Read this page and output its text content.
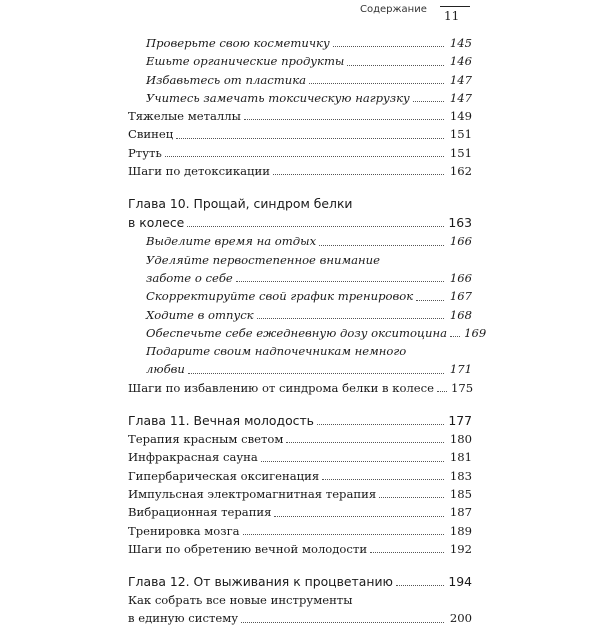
Содержание 11
Проверьте свою косметичку	145
Ешьте органические продукты	146
Избавьтесь от пластика	147
Учитесь замечать токсическую нагрузку	147
Тяжелые металлы	149
Свинец	151
Ртуть	151
Шаги по детоксикации	162
Глава 10. Прощай, синдром белки
в колесе	163
Выделите время на отдых	166
Уделяйте первостепенное внимание
заботе о себе	166
Скорректируйте свой график тренировок	167
Ходите в отпуск	168
Обеспечьте себе ежедневную дозу окситоцина	169
Подарите своим надпочечникам немного
любви	171
Шаги по избавлению от синдрома белки в колесе	175
Глава 11. Вечная молодость	177
Терапия красным светом	180
Инфракрасная сауна	181
Гипербарическая оксигенация	183
Импульсная электромагнитная терапия	185
Вибрационная терапия	187
Тренировка мозга	189
Шаги по обретению вечной молодости	192
Глава 12. От выживания к процветанию	194
Как собрать все новые инструменты
в единую систему	200
